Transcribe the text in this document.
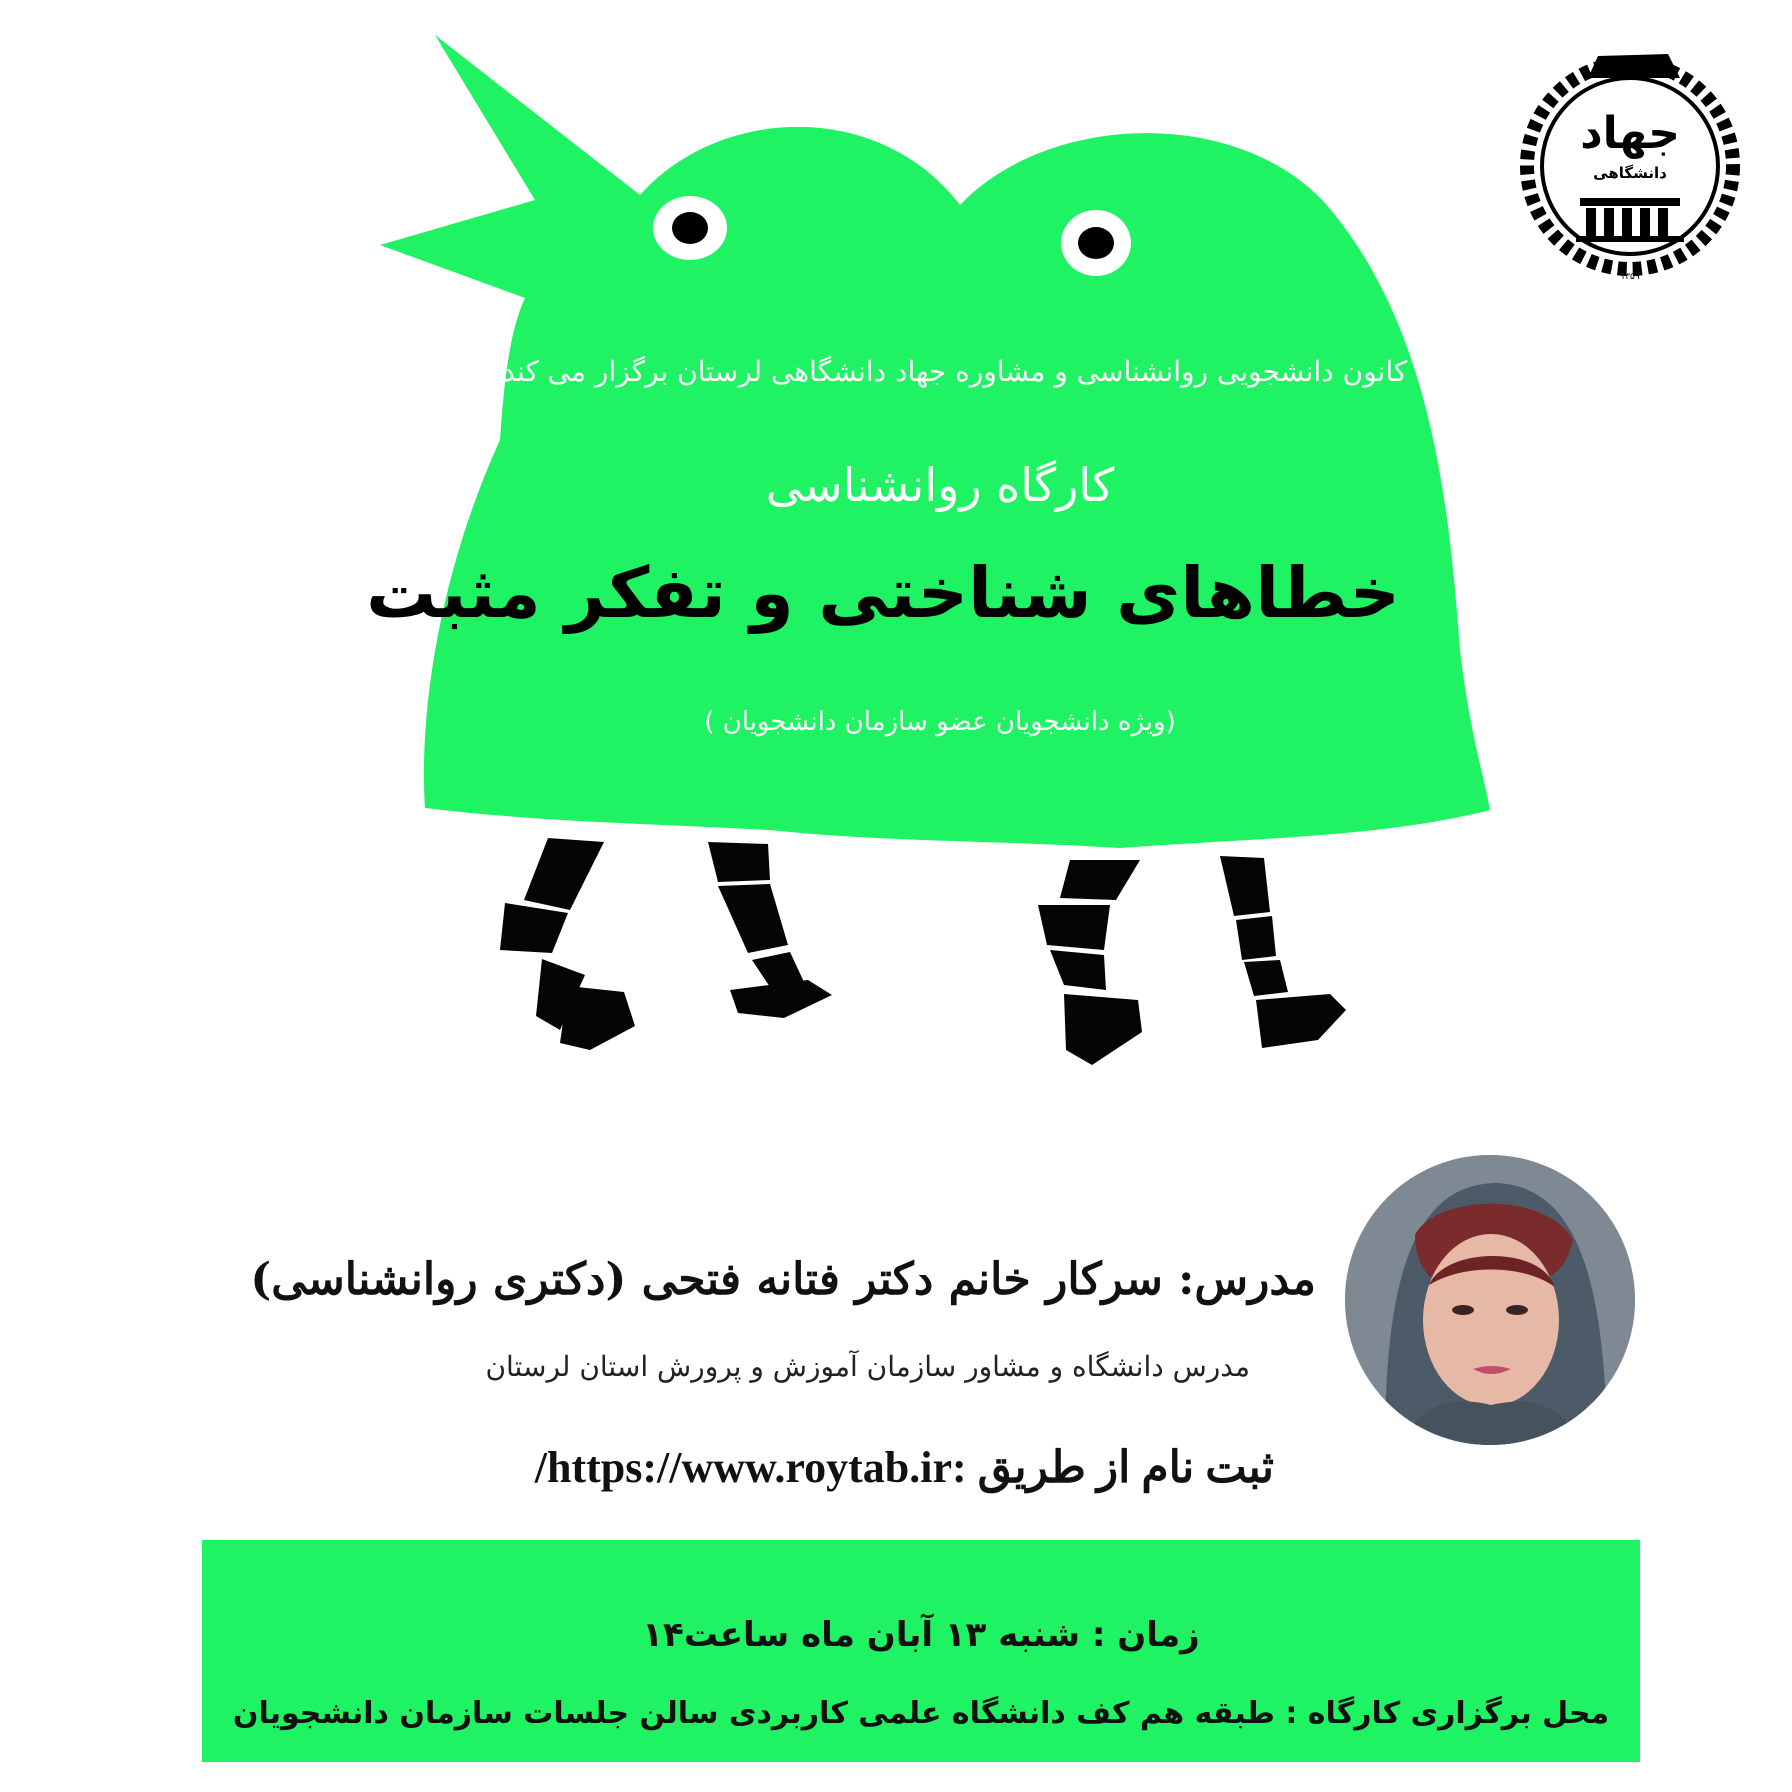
جهاد
دانشگاهی
۱۳۵۹
کانون دانشجویی روانشناسی و مشاوره جهاد دانشگاهی لرستان برگزار می کند:
کارگاه روانشناسی
خطاهای شناختی و تفکر مثبت
(ویژه دانشجویان عضو سازمان دانشجویان )
مدرس: سرکار خانم دکتر فتانه فتحی (دکتری روانشناسی)
مدرس دانشگاه و مشاور سازمان آموزش و پرورش استان لرستان
ثبت نام از طریق :https://www.roytab.ir/
زمان : شنبه ۱۳ آبان ماه ساعت۱۴
محل برگزاری کارگاه : طبقه هم کف دانشگاه علمی کاربردی سالن جلسات سازمان دانشجویان
